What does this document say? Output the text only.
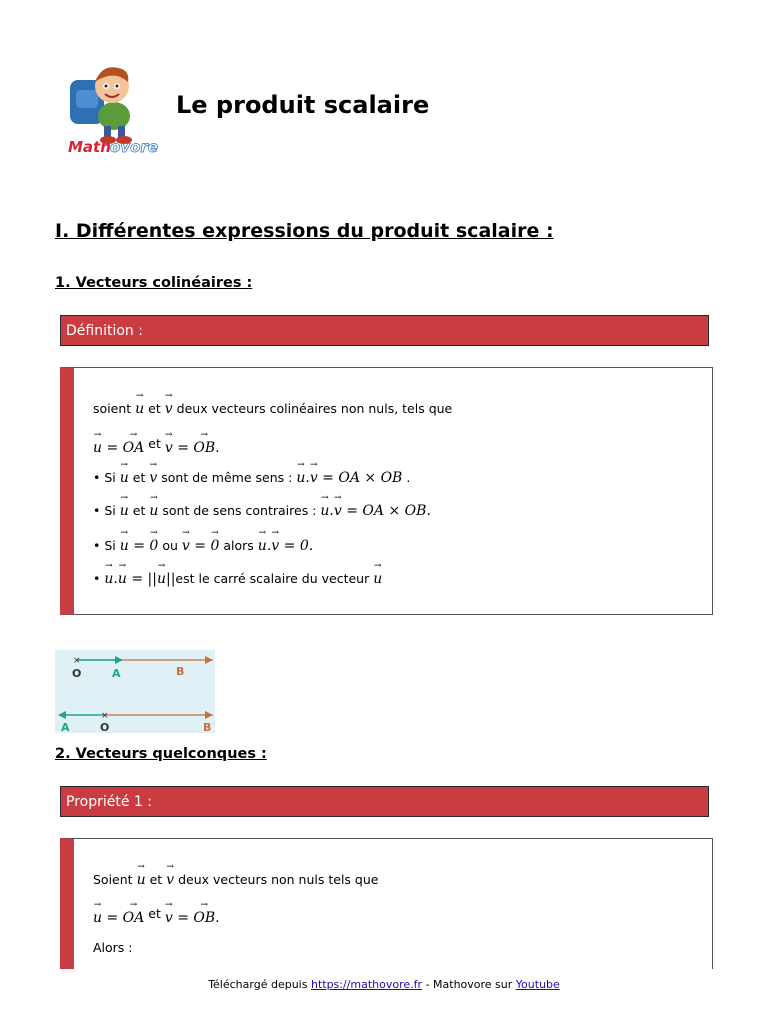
Math ovore
Le produit scalaire
I. Différentes expressions du produit scalaire :
1. Vecteurs colinéaires :
Définition :
soient → u et → v deux vecteurs colinéaires non nuls, tels que
→ u = → OA et → v = → OB.
• Si → u et → v sont de même sens : → u.→ v = OA × OB .
• Si → u et → u sont de sens contraires : → u.→ v = OA × OB.
• Si → u = → 0 ou → v = → 0 alors → u.→ v = 0.
• → u.→ u = ||→ u||est le carré scalaire du vecteur → u
×
O	A	B
×
A	O	B
2. Vecteurs quelconques :
Propriété 1 :
Soient → u et → v deux vecteurs non nuls tels que
→ u = → OA et → v = → OB.
Alors :
Téléchargé depuis https://mathovore.fr - Mathovore sur Youtube
